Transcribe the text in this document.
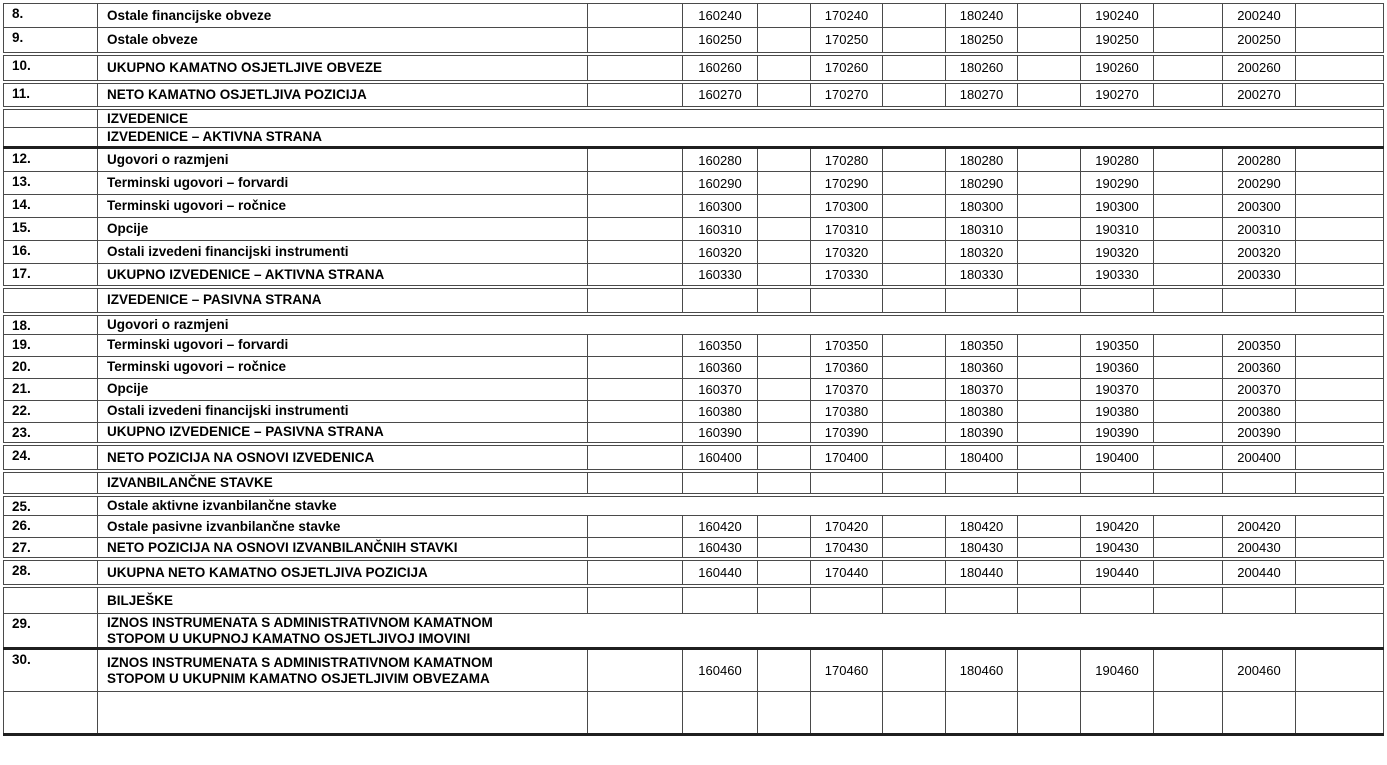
8.	Ostale financijske obveze		160240		170240		180240		190240		200240	
9.	Ostale obveze		160250		170250		180250		190250		200250	
10.	UKUPNO KAMATNO OSJETLJIVE OBVEZE		160260		170260		180260		190260		200260	
11.	NETO KAMATNO OSJETLJIVA POZICIJA		160270		170270		180270		190270		200270	
	IZVEDENICE											
	IZVEDENICE – AKTIVNA STRANA											
12.	Ugovori o razmjeni		160280		170280		180280		190280		200280	
13.	Terminski ugovori – forvardi		160290		170290		180290		190290		200290	
14.	Terminski ugovori – ročnice		160300		170300		180300		190300		200300	
15.	Opcije		160310		170310		180310		190310		200310	
16.	Ostali izvedeni financijski instrumenti		160320		170320		180320		190320		200320	
17.	UKUPNO IZVEDENICE – AKTIVNA STRANA		160330		170330		180330		190330		200330	
	IZVEDENICE – PASIVNA STRANA											
18.	Ugovori o razmjeni											
19.	Terminski ugovori – forvardi		160350		170350		180350		190350		200350	
20.	Terminski ugovori – ročnice		160360		170360		180360		190360		200360	
21.	Opcije		160370		170370		180370		190370		200370	
22.	Ostali izvedeni financijski instrumenti		160380		170380		180380		190380		200380	
23.	UKUPNO IZVEDENICE – PASIVNA STRANA		160390		170390		180390		190390		200390	
24.	NETO POZICIJA NA OSNOVI IZVEDENICA		160400		170400		180400		190400		200400	
	IZVANBILANČNE STAVKE											
25.	Ostale aktivne izvanbilančne stavke											
26.	Ostale pasivne izvanbilančne stavke		160420		170420		180420		190420		200420	
27.	NETO POZICIJA NA OSNOVI IZVANBILANČNIH STAVKI		160430		170430		180430		190430		200430	
28.	UKUPNA NETO KAMATNO OSJETLJIVA POZICIJA		160440		170440		180440		190440		200440	
	BILJEŠKE											
29.	IZNOS INSTRUMENATA S ADMINISTRATIVNOM KAMATNOM
STOPOM U UKUPNOJ KAMATNO OSJETLJIVOJ IMOVINI											
30.	IZNOS INSTRUMENATA S ADMINISTRATIVNOM KAMATNOM
STOPOM U UKUPNIM KAMATNO OSJETLJIVIM OBVEZAMA		160460		170460		180460		190460		200460	
